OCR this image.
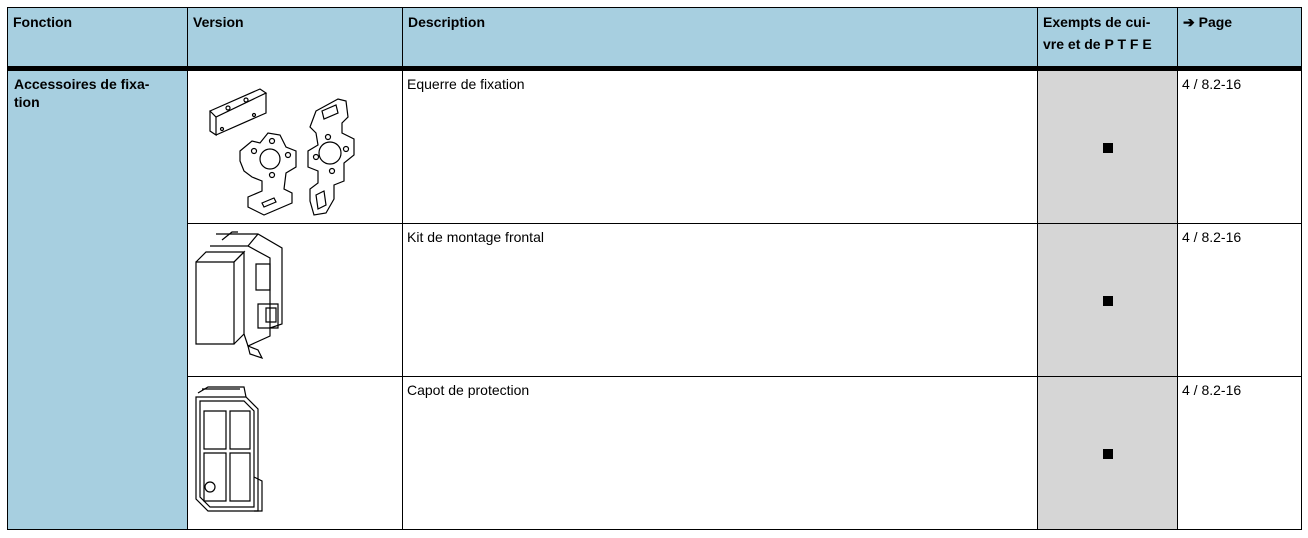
Fonction	Version	Description	Exempts de cui-
vre et de P T F E	➔ Page
Accessoires de fixa-
tion		Equerre de fixation		4 / 8.2-16

	Kit de montage frontal		4 / 8.2-16

	Capot de protection		4 / 8.2-16
